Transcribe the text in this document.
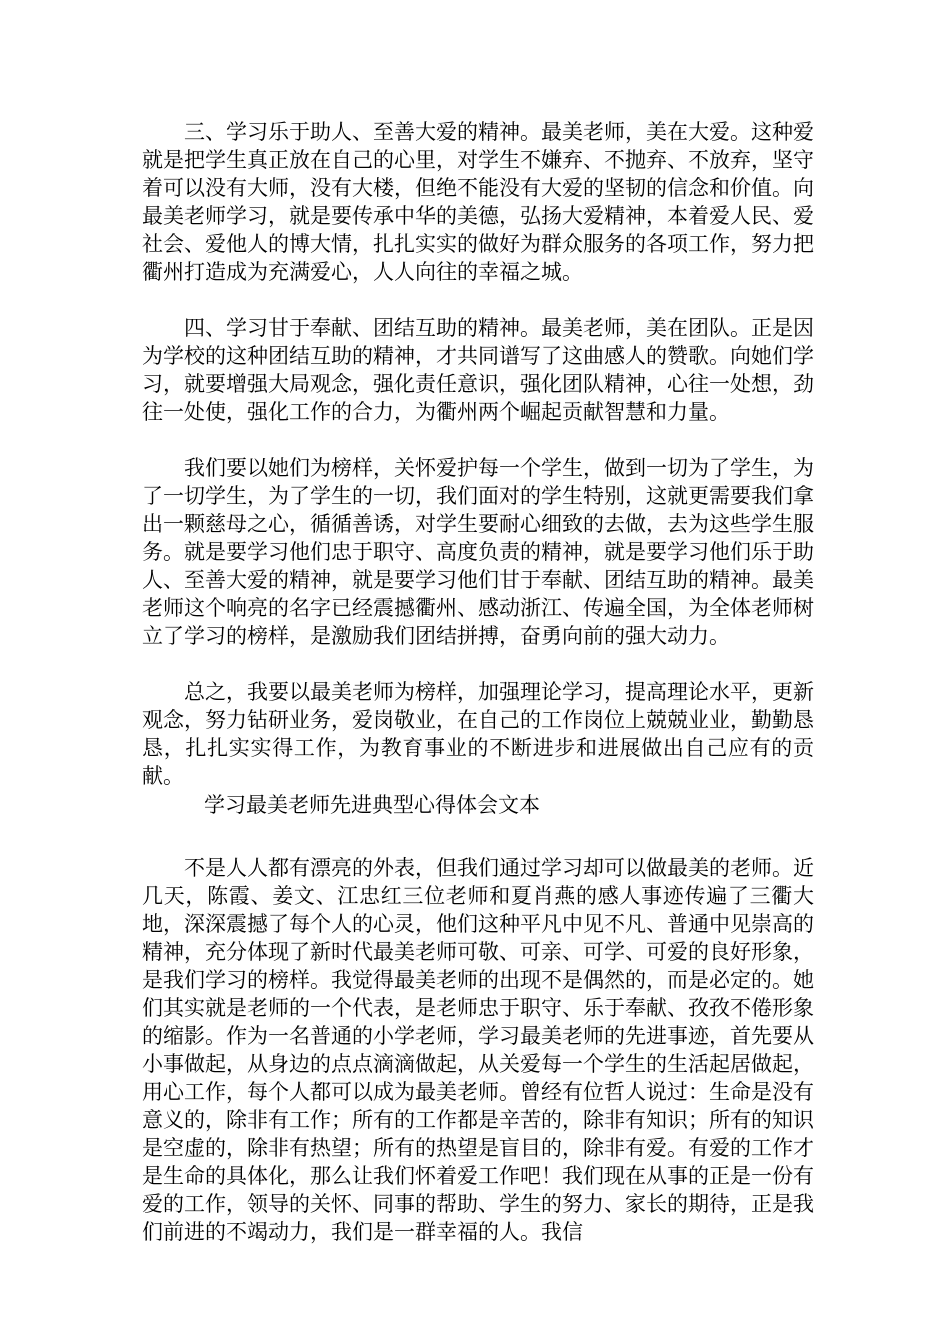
三、学习乐于助人、至善大爱的精神。最美老师，美在大爱。这种爱就是把学生真正放在自己的心里，对学生不嫌弃、不抛弃、不放弃，坚守着可以没有大师，没有大楼，但绝不能没有大爱的坚韧的信念和价值。向最美老师学习，就是要传承中华的美德，弘扬大爱精神，本着爱人民、爱社会、爱他人的博大情，扎扎实实的做好为群众服务的各项工作，努力把衢州打造成为充满爱心，人人向往的幸福之城。

四、学习甘于奉献、团结互助的精神。最美老师，美在团队。正是因为学校的这种团结互助的精神，才共同谱写了这曲感人的赞歌。向她们学习，就要增强大局观念，强化责任意识，强化团队精神，心往一处想，劲往一处使，强化工作的合力，为衢州两个崛起贡献智慧和力量。

我们要以她们为榜样，关怀爱护每一个学生，做到一切为了学生，为了一切学生，为了学生的一切，我们面对的学生特别，这就更需要我们拿出一颗慈母之心，循循善诱，对学生要耐心细致的去做，去为这些学生服务。就是要学习他们忠于职守、高度负责的精神，就是要学习他们乐于助人、至善大爱的精神，就是要学习他们甘于奉献、团结互助的精神。最美老师这个响亮的名字已经震撼衢州、感动浙江、传遍全国，为全体老师树立了学习的榜样，是激励我们团结拼搏，奋勇向前的强大动力。

总之，我要以最美老师为榜样，加强理论学习，提高理论水平，更新观念，努力钻研业务，爱岗敬业，在自己的工作岗位上兢兢业业，勤勤恳恳，扎扎实实得工作，为教育事业的不断进步和进展做出自己应有的贡献。

学习最美老师先进典型心得体会文本

不是人人都有漂亮的外表，但我们通过学习却可以做最美的老师。近几天，陈霞、姜文、江忠红三位老师和夏肖燕的感人事迹传遍了三衢大地，深深震撼了每个人的心灵，他们这种平凡中见不凡、普通中见崇高的精神，充分体现了新时代最美老师可敬、可亲、可学、可爱的良好形象，是我们学习的榜样。我觉得最美老师的出现不是偶然的，而是必定的。她们其实就是老师的一个代表，是老师忠于职守、乐于奉献、孜孜不倦形象的缩影。作为一名普通的小学老师，学习最美老师的先进事迹，首先要从小事做起，从身边的点点滴滴做起，从关爱每一个学生的生活起居做起，用心工作，每个人都可以成为最美老师。曾经有位哲人说过：生命是没有意义的，除非有工作；所有的工作都是辛苦的，除非有知识；所有的知识是空虚的，除非有热望；所有的热望是盲目的，除非有爱。有爱的工作才是生命的具体化，那么让我们怀着爱工作吧！我们现在从事的正是一份有爱的工作，领导的关怀、同事的帮助、学生的努力、家长的期待，正是我们前进的不竭动力，我们是一群幸福的人。我信
